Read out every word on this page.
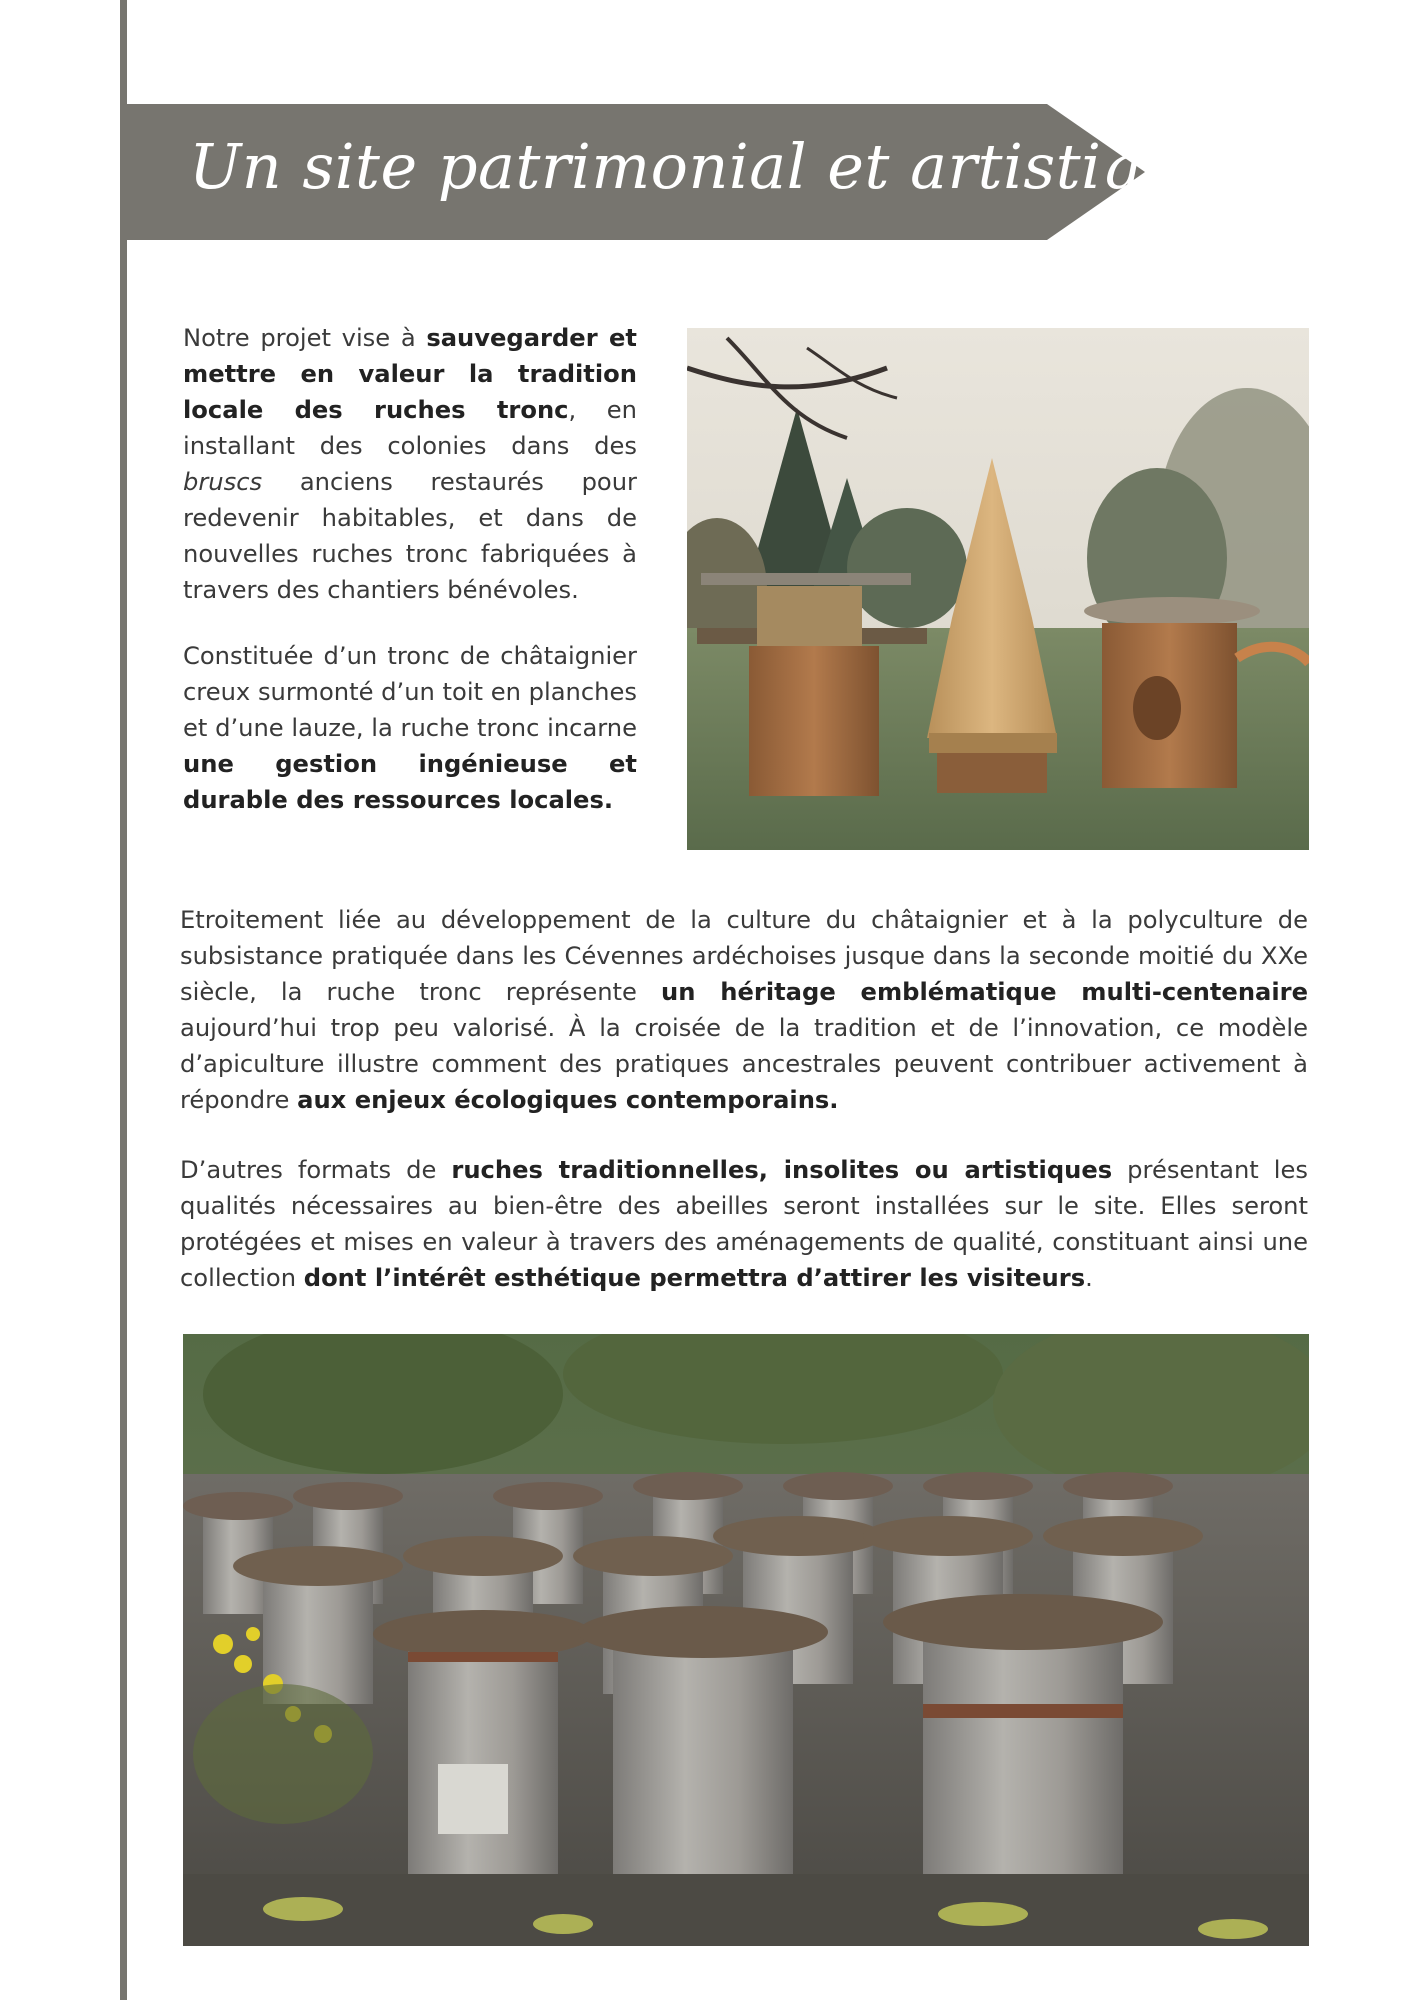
Un site patrimonial et artistique

Notre projet vise à sauvegarder et mettre en valeur la tradition locale des ruches tronc, en installant des colonies dans des bruscs anciens restaurés pour redevenir habitables, et dans de nouvelles ruches tronc fabriquées à travers des chantiers bénévoles.

Constituée d’un tronc de châtaignier creux surmonté d’un toit en planches et d’une lauze, la ruche tronc incarne une gestion ingénieuse et durable des ressources locales.

Etroitement liée au développement de la culture du châtaignier et à la polyculture de subsistance pratiquée dans les Cévennes ardéchoises jusque dans la seconde moitié du XXe siècle, la ruche tronc représente un héritage emblématique multi-centenaire aujourd’hui trop peu valorisé. À la croisée de la tradition et de l’innovation, ce modèle d’apiculture illustre comment des pratiques ancestrales peuvent contribuer activement à répondre aux enjeux écologiques contemporains.

D’autres formats de ruches traditionnelles, insolites ou artistiques présentant les qualités nécessaires au bien-être des abeilles seront installées sur le site. Elles seront protégées et mises en valeur à travers des aménagements de qualité, constituant ainsi une collection dont l’intérêt esthétique permettra d’attirer les visiteurs.
